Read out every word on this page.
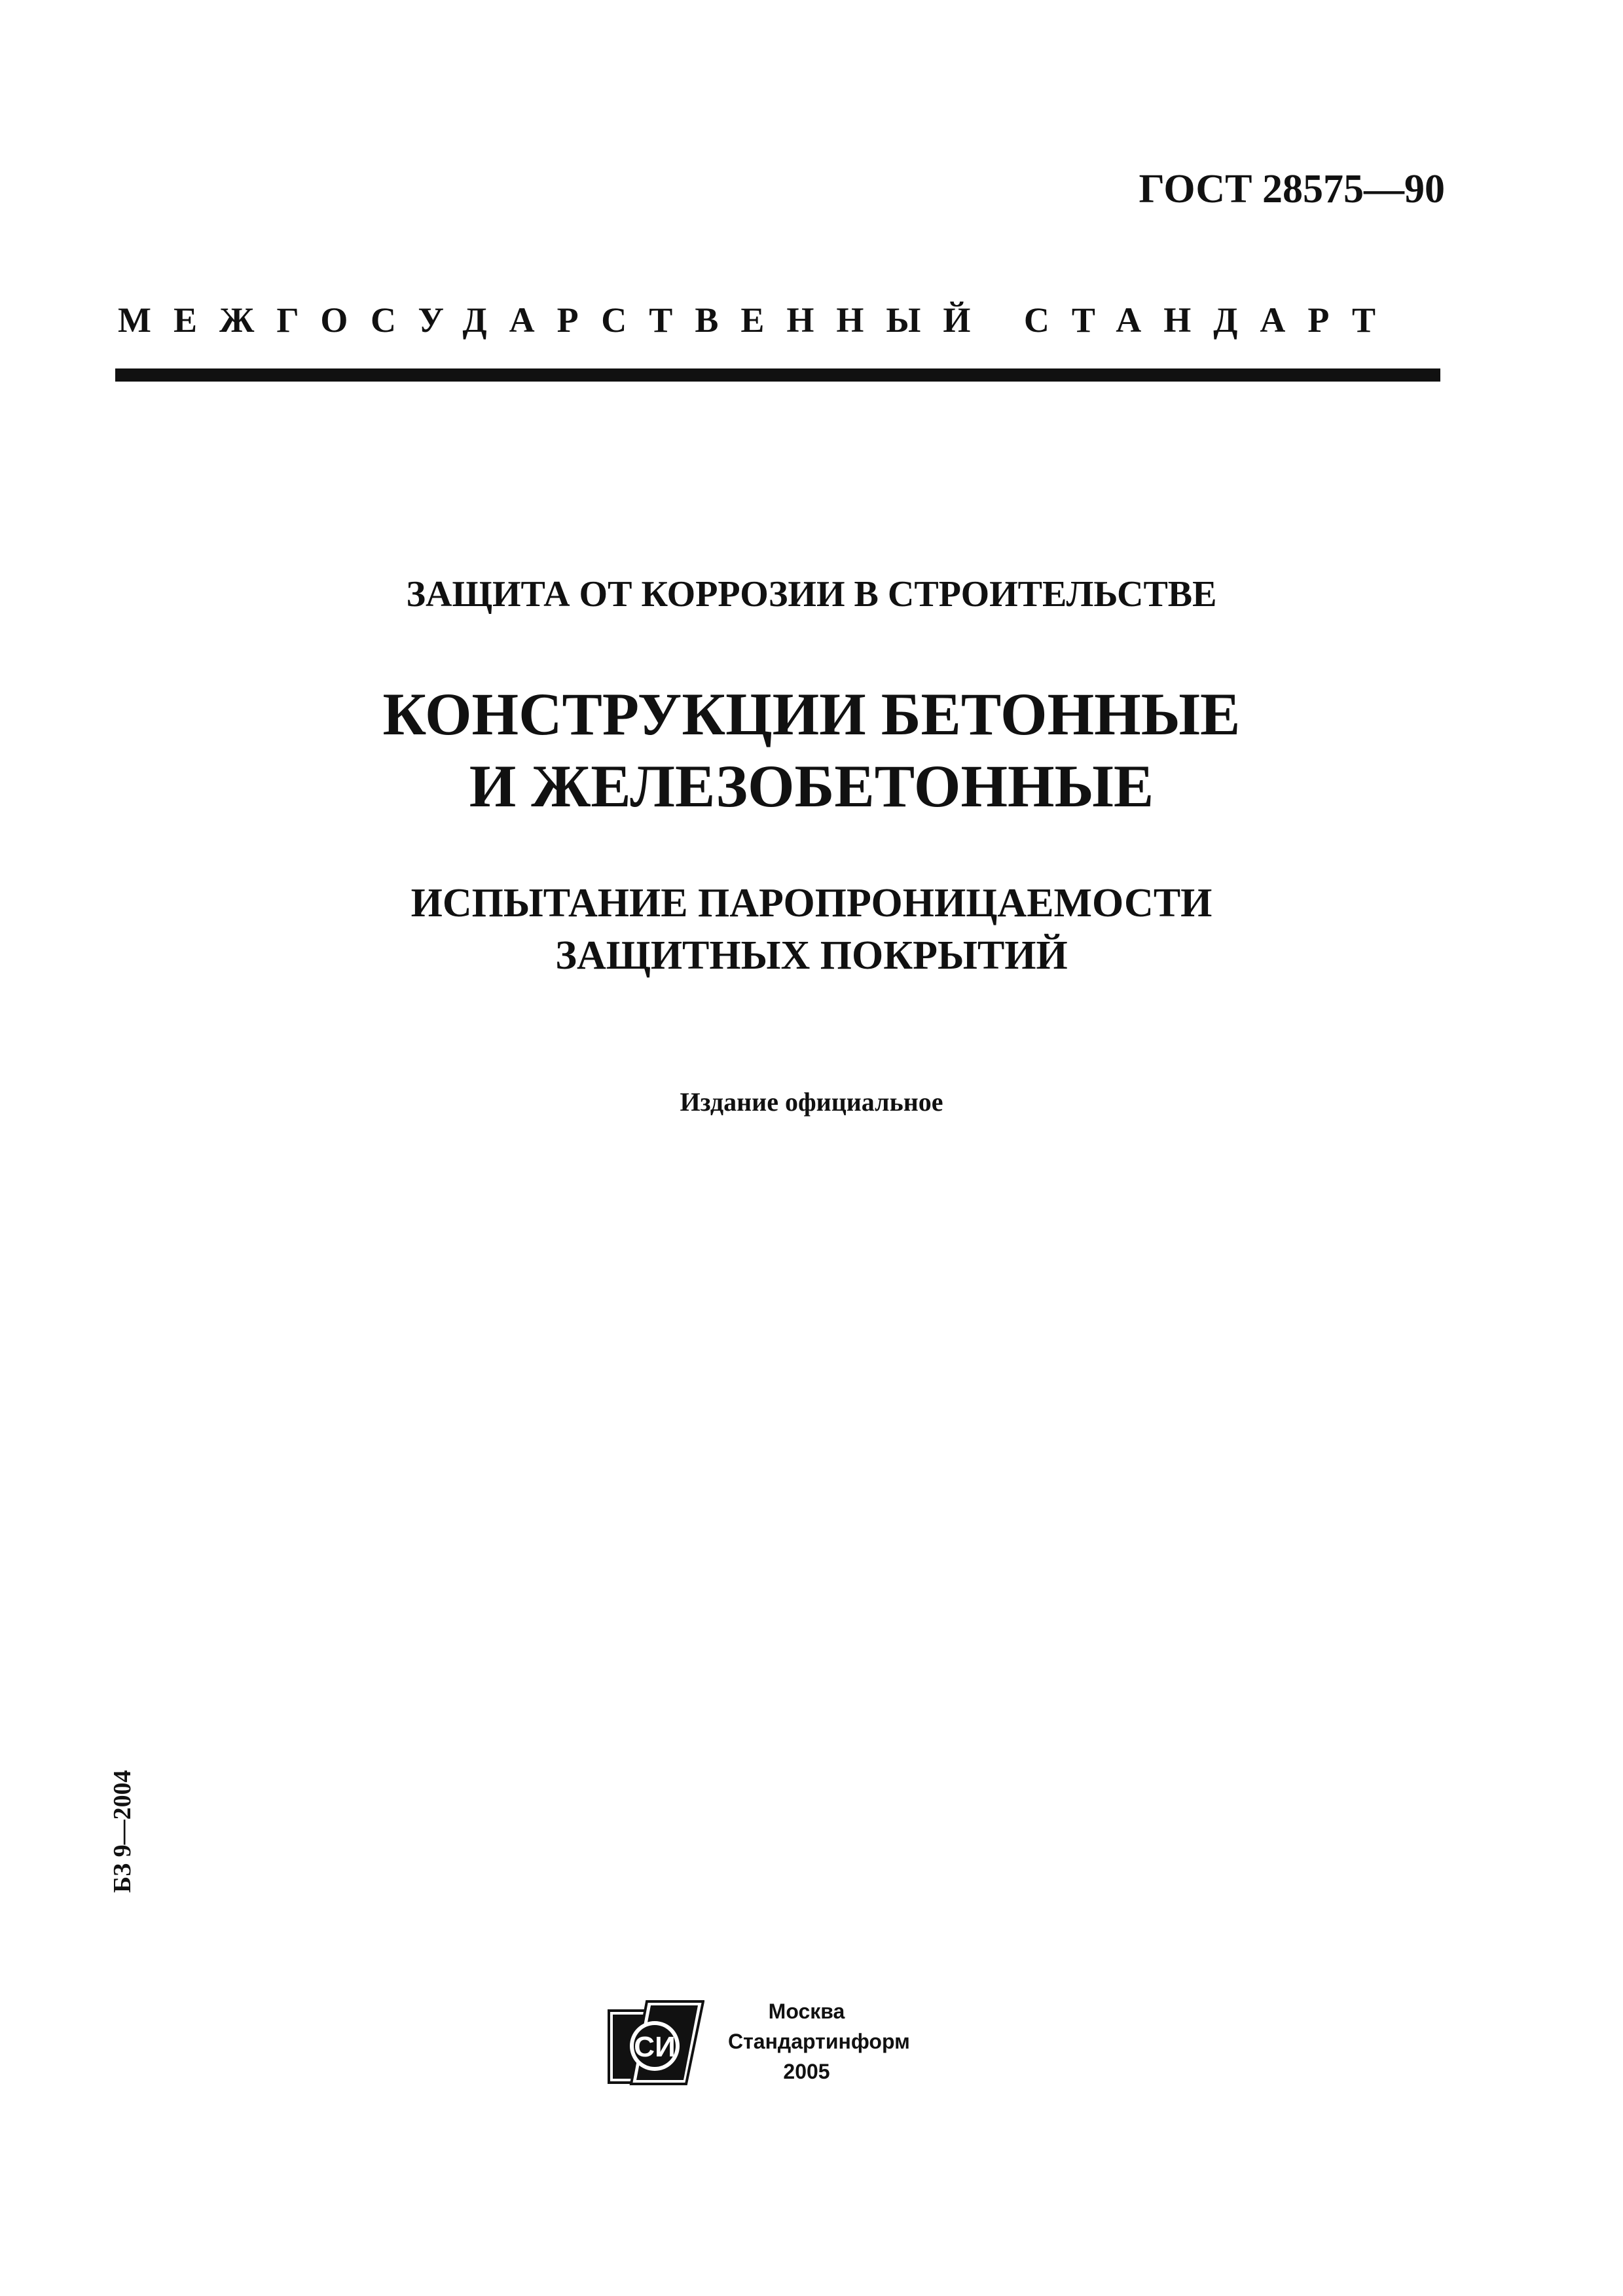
ГОСТ 28575—90
МЕЖГОСУДАРСТВЕННЫЙ СТАНДАРТ
ЗАЩИТА ОТ КОРРОЗИИ В СТРОИТЕЛЬСТВЕ
КОНСТРУКЦИИ БЕТОННЫЕ
И ЖЕЛЕЗОБЕТОННЫЕ
ИСПЫТАНИЕ ПАРОПРОНИЦАЕМОСТИ
ЗАЩИТНЫХ ПОКРЫТИЙ
Издание официальное
БЗ 9—2004
СИ
Москва
Стандартинформ
2005
